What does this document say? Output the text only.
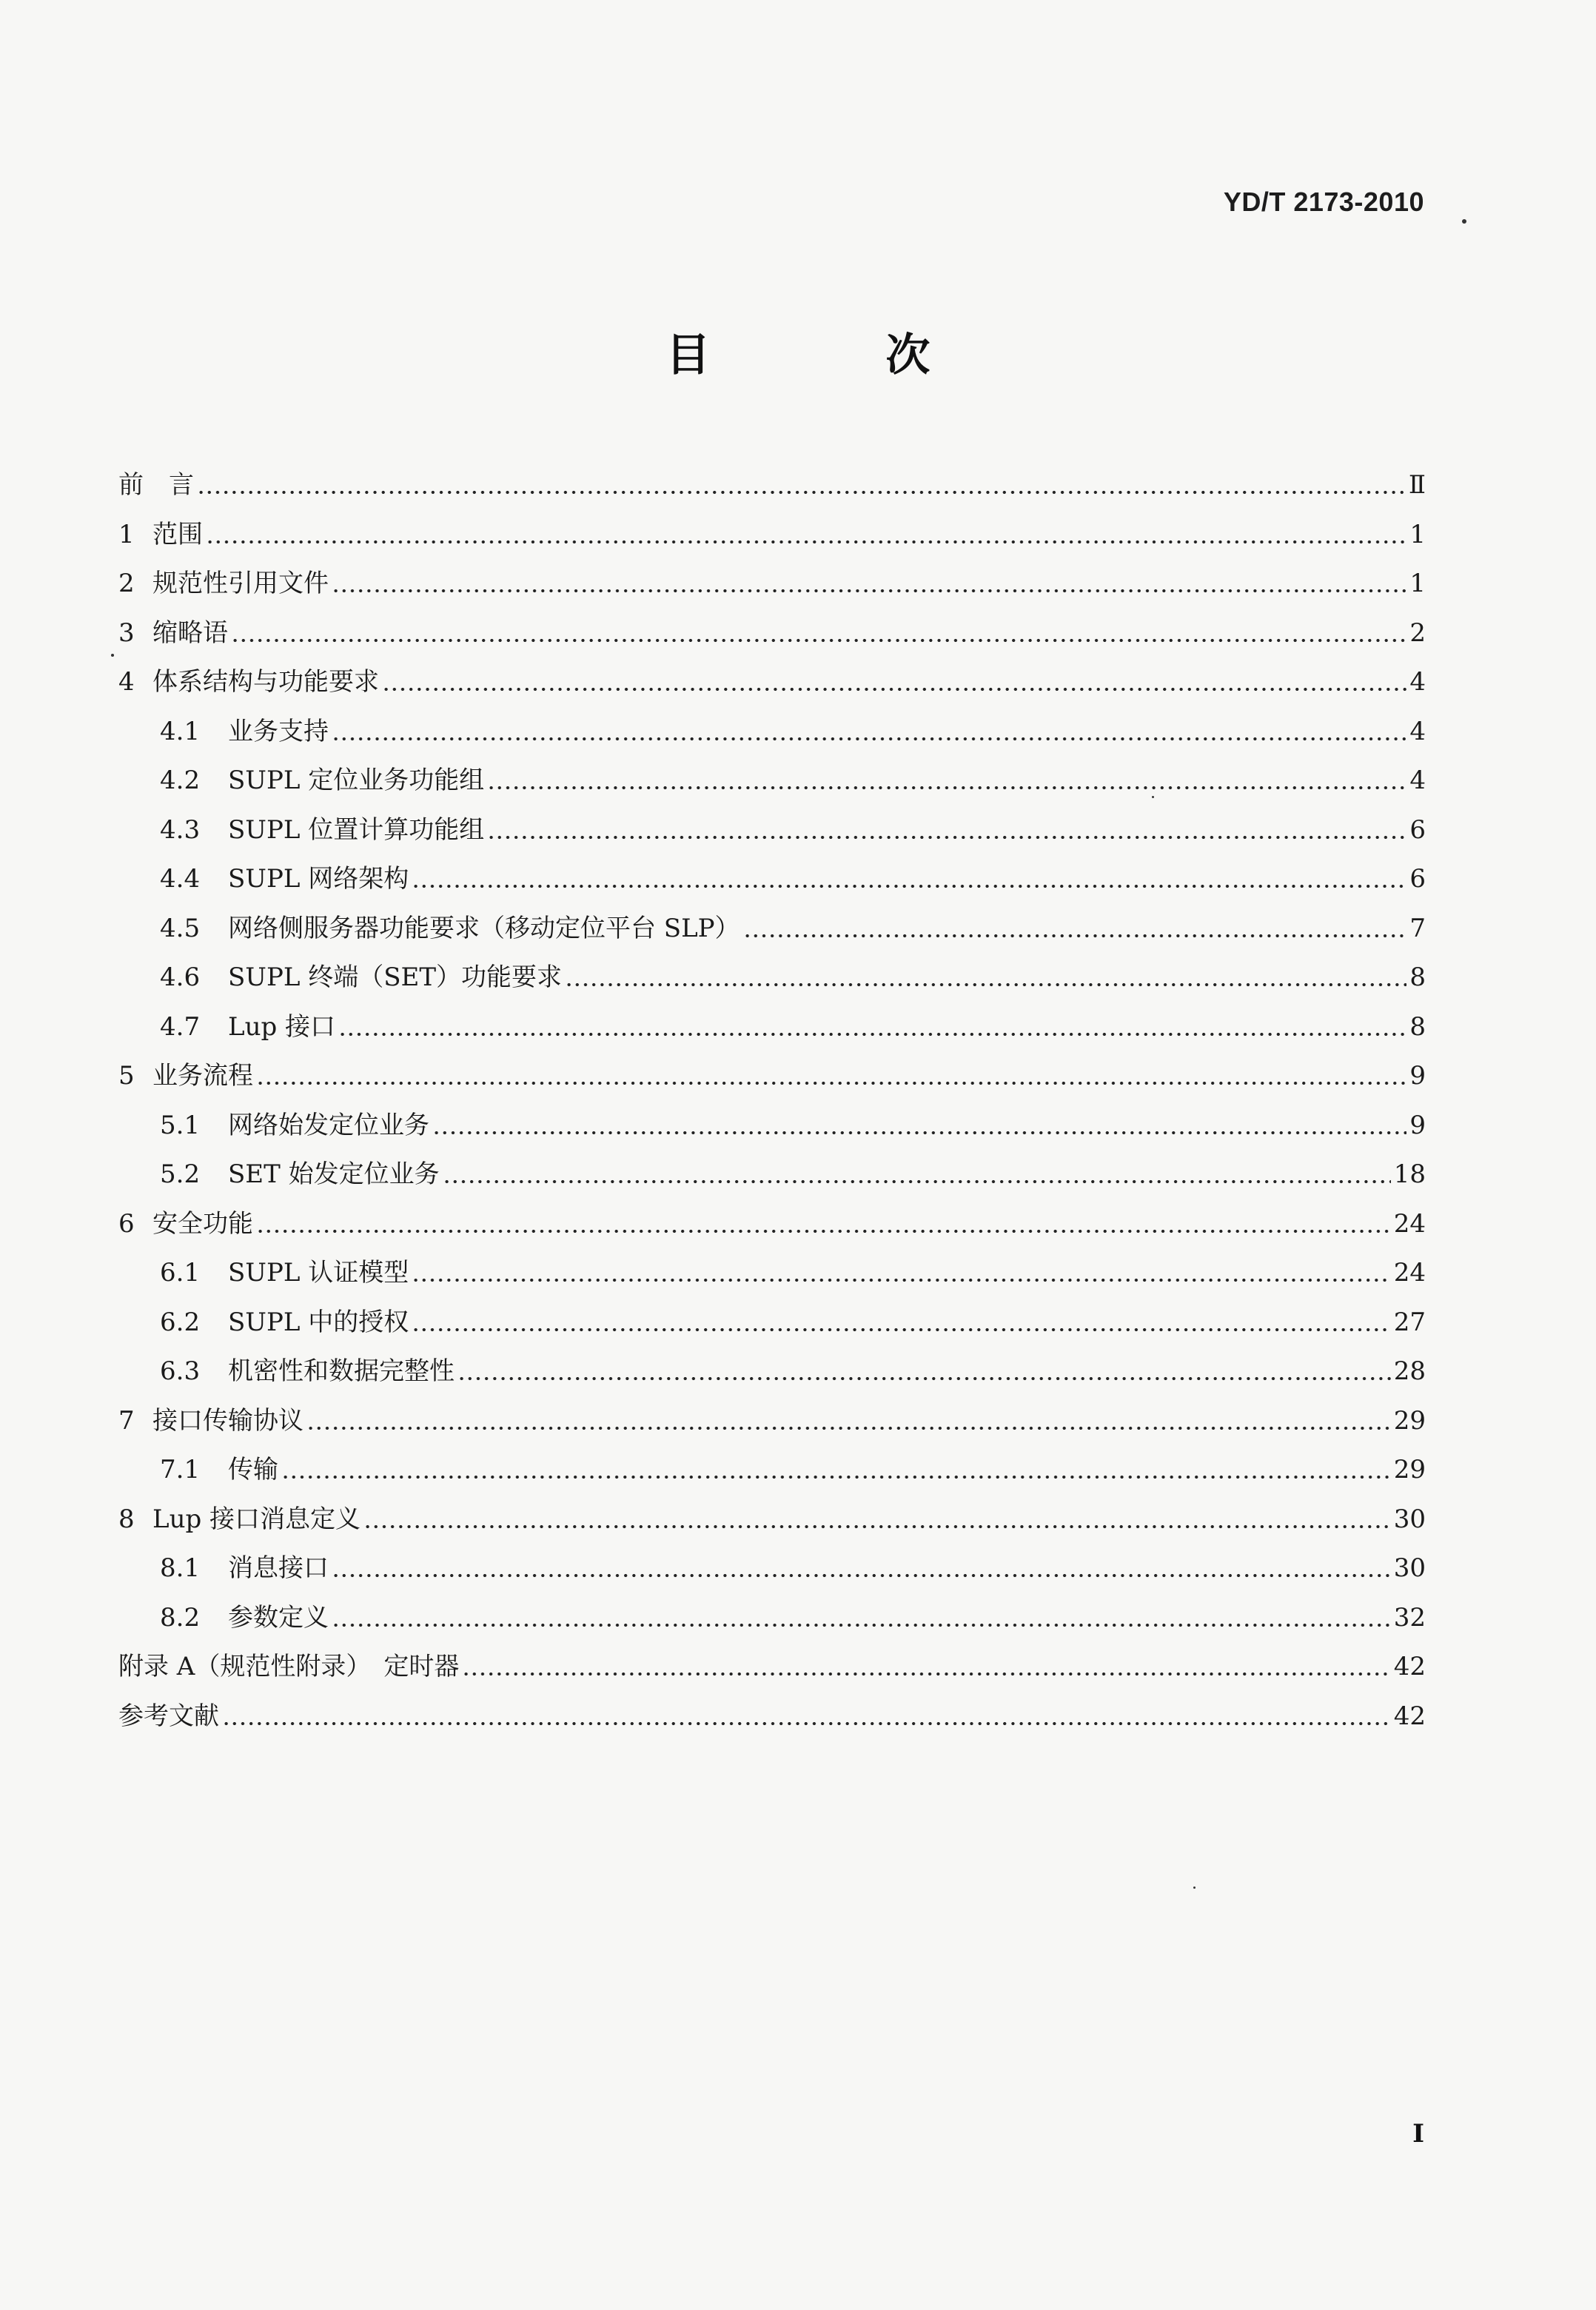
YD/T 2173-2010
目 次
前　言	Ⅱ
1 范围	1
2 规范性引用文件	1
3 缩略语	2
4 体系结构与功能要求	4
4.1	业务支持	4
4.2	SUPL 定位业务功能组	4
4.3	SUPL 位置计算功能组	6
4.4	SUPL 网络架构	6
4.5	网络侧服务器功能要求（移动定位平台 SLP）	7
4.6	SUPL 终端（SET）功能要求	8
4.7	Lup 接口	8
5 业务流程	9
5.1	网络始发定位业务	9
5.2	SET 始发定位业务	18
6 安全功能	24
6.1	SUPL 认证模型	24
6.2	SUPL 中的授权	27
6.3	机密性和数据完整性	28
7 接口传输协议	29
7.1	传输	29
8 Lup 接口消息定义	30
8.1	消息接口	30
8.2	参数定义	32
附录 A（规范性附录）　定时器	42
参考文献	42
I
